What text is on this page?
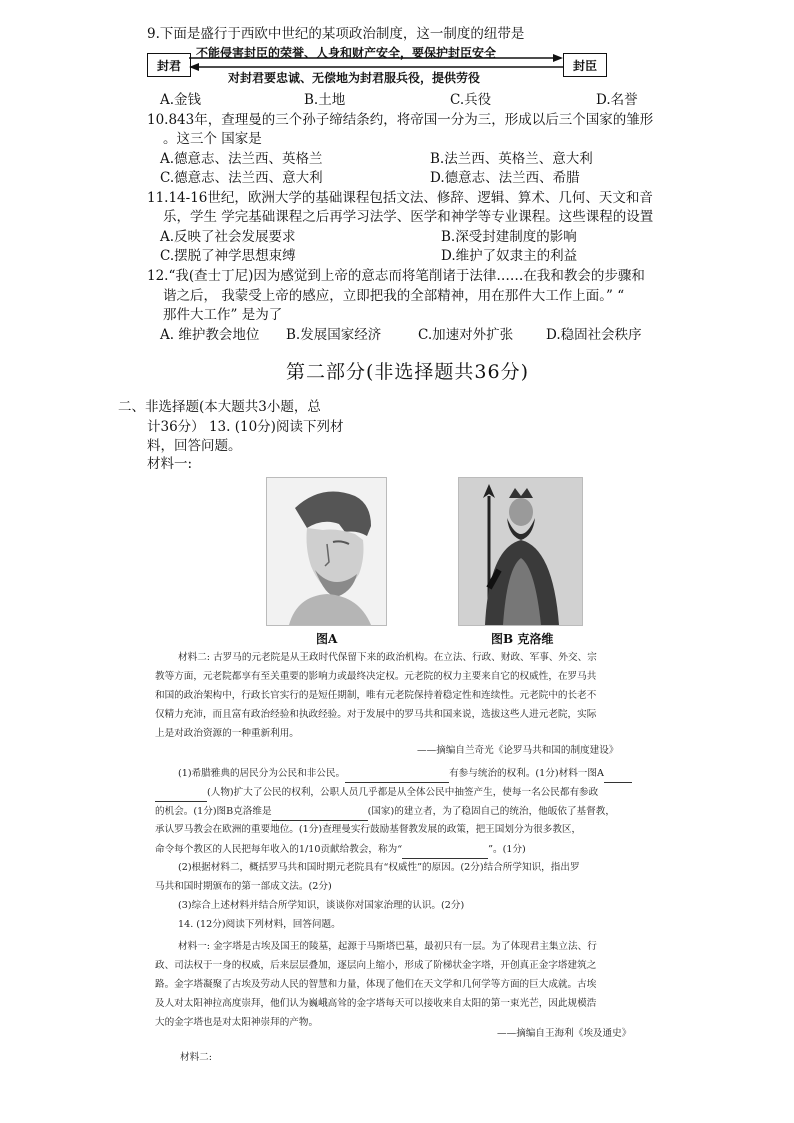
9.下面是盛行于西欧中世纪的某项政治制度，这一制度的纽带是
封君	封臣
不能侵害封臣的荣誉、人身和财产安全，要保护封臣安全
对封君要忠诚、无偿地为封君服兵役，提供劳役
A.金钱	B.土地	C.兵役	D.名誉
10.843年，查理曼的三个孙子缔结条约，将帝国一分为三，形成以后三个国家的雏形
。这三个 国家是
A.德意志、法兰西、英格兰	B.法兰西、英格兰、意大利
C.德意志、法兰西、意大利	D.德意志、法兰西、希腊
11.14-16世纪，欧洲大学的基础课程包括文法、修辞、逻辑、算术、几何、天文和音
乐，学生 学完基础课程之后再学习法学、医学和神学等专业课程。这些课程的设置
A.反映了社会发展要求	B.深受封建制度的影响
C.摆脱了神学思想束缚	D.维护了奴隶主的利益
12.“我(查士丁尼)因为感觉到上帝的意志而将笔削诸于法律……在我和教会的步骤和
谐之后， 我蒙受上帝的感应，立即把我的全部精神，用在那件大工作上面。” “
那件大工作” 是为了
A. 维护教会地位 B.发展国家经济	C.加速对外扩张 D.稳固社会秩序
第二部分(非选择题共36分)
二、非选择题(本大题共3小题，总
计36分） 13. (10分)阅读下列材
料，回答问题。
材料一:
图A	图B 克洛维
材料二: 古罗马的元老院是从王政时代保留下来的政治机构。在立法、行政、财政、军事、外交、宗
教等方面，元老院都享有至关重要的影响力或最终决定权。元老院的权力主要来自它的权威性，在罗马共
和国的政治架构中，行政长官实行的是短任期制，唯有元老院保持着稳定性和连续性。元老院中的长老不
仅精力充沛，而且富有政治经验和执政经验。对于发展中的罗马共和国来说，选拔这些人进元老院，实际
上是对政治资源的一种重新利用。
——摘编自兰奇光《论罗马共和国的制度建设》
(1)希腊雅典的居民分为公民和非公民。	有参与统治的权利。(1分)材料一图A
(人物)扩大了公民的权利，公职人员几乎都是从全体公民中抽签产生，使每一名公民都有参政
的机会。(1分)图B克洛维是	(国家)的建立者，为了稳固自己的统治，他皈依了基督教，
承认罗马教会在欧洲的重要地位。(1分)查理曼实行鼓励基督教发展的政策，把王国划分为很多教区，
命令每个教区的人民把每年收入的1/10贡献给教会，称为“	”。(1分)
(2)根据材料二，概括罗马共和国时期元老院具有“权威性”的原因。(2分)结合所学知识，指出罗
马共和国时期颁布的第一部成文法。(2分)
(3)综合上述材料并结合所学知识，谈谈你对国家治理的认识。(2分)
14. (12分)阅读下列材料，回答问题。
材料一: 金字塔是古埃及国王的陵墓，起源于马斯塔巴墓，最初只有一层。为了体现君主集立法、行
政、司法权于一身的权威，后来层层叠加，逐层向上缩小，形成了阶梯状金字塔，开创真正金字塔建筑之
路。金字塔凝聚了古埃及劳动人民的智慧和力量，体现了他们在天文学和几何学等方面的巨大成就。古埃
及人对太阳神拉高度崇拜，他们认为巍峨高耸的金字塔每天可以接收来自太阳的第一束光芒，因此规模浩
大的金字塔也是对太阳神崇拜的产物。
——摘编自王海利《埃及通史》
材料二:
